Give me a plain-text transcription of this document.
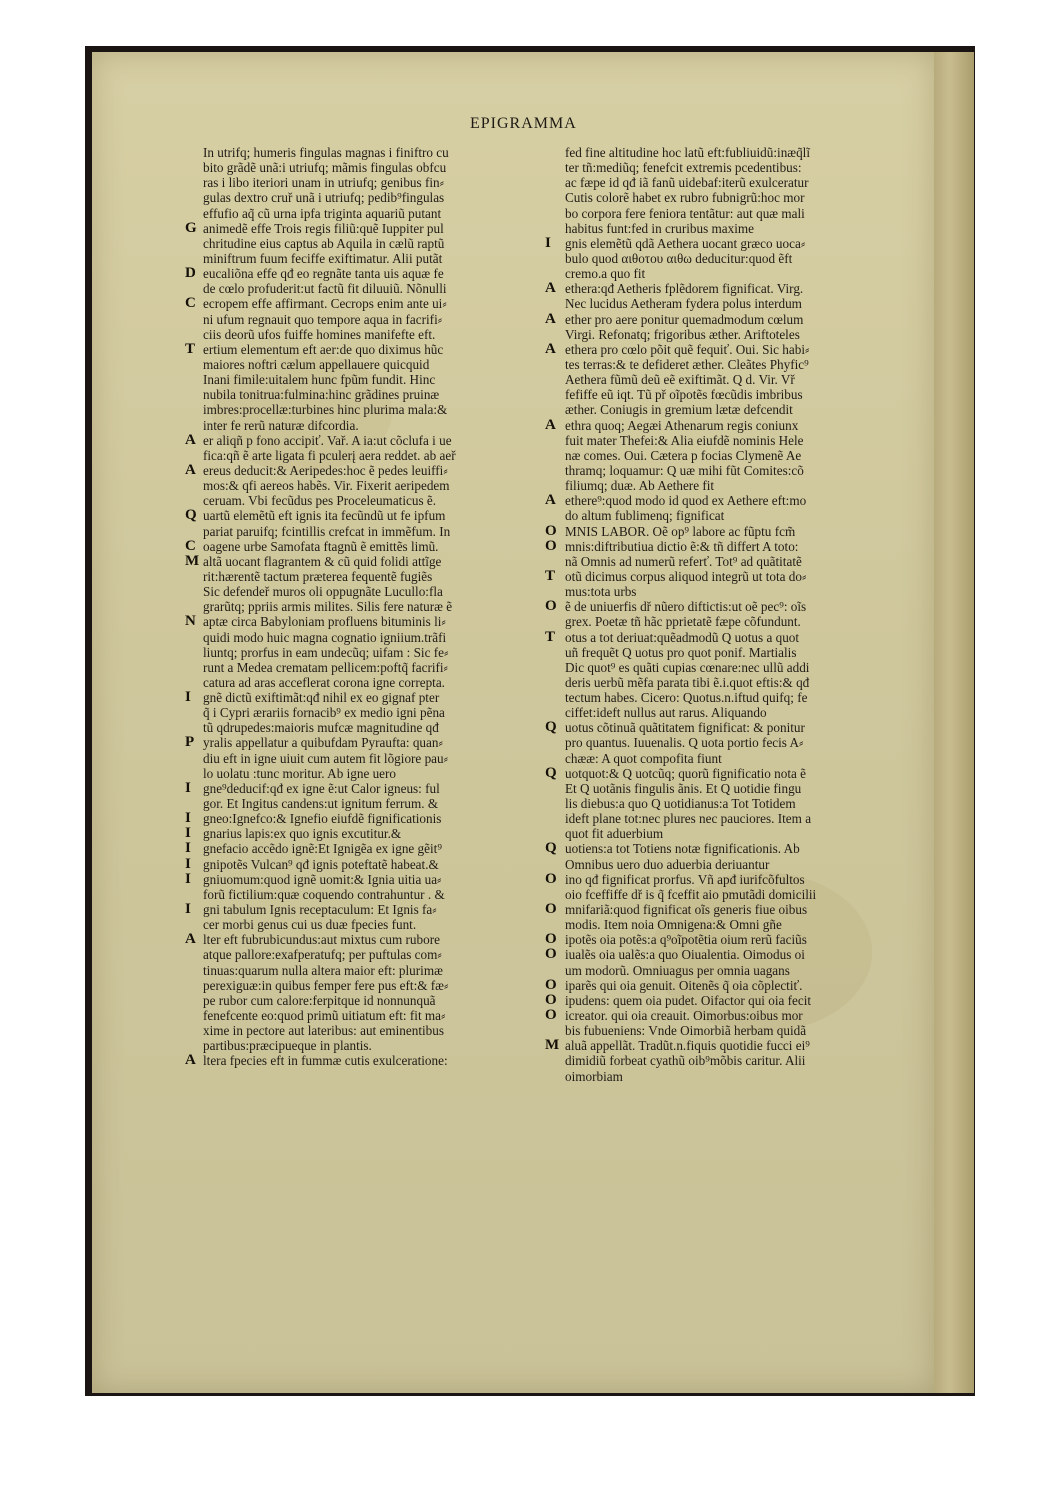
EPIGRAMMA
In utrifq; humeris fingulas magnas i finiftro cu
bito grãdẽ unã:i utriufq; mãmis fingulas obfcu
ras i libo iteriori unam in utriufq; genibus fin⸗
gulas dextro cruř unã i utriufq; pedib⁹fingulas
effufio aq̃ cũ urna ipfa triginta aquariũ putant
G animedẽ effe Trois regis filiũ:quẽ Iuppiter pul
chritudine eius captus ab Aquila in cælũ raptũ
miniftrum fuum feciffe exiftimatur. Alii putãt
D eucaliõna effe qđ eo regnãte tanta uis aquæ fe
de cœlo profuderit:ut factũ fit diluuiũ. Nõnulli
C ecropem effe affirmant. Cecrops enim ante ui⸗
ni ufum regnauit quo tempore aqua in facrifi⸗
ciis deorũ ufos fuiffe homines manifefte eft.
T ertium elementum eft aer:de quo diximus hũc
maiores noftri cælum appellauere quicquid
Inani fimile:uitalem hunc fpũm fundit. Hinc
nubila tonitrua:fulmina:hinc grãdines pruinæ
imbres:procellæ:turbines hinc plurima mala:&
inter fe rerũ naturæ difcordia.
A er aliqñ p fono accipiť. Vař. A ia:ut cõclufa i ue
fica:qñ ẽ arte ligata fi pculerį aera reddet. ab aeř
A ereus deducit:& Aeripedes:hoc ẽ pedes leuiffi⸗
mos:& qfi aereos habẽs. Vir. Fixerit aeripedem
ceruam. Vbi fecũdus pes Proceleumaticus ẽ.
Q uartũ elemẽtũ eft ignis ita fecũndũ ut fe ipfum
pariat paruifq; fcintillis crefcat in immẽfum. In
C oagene urbe Samofata ftagnũ ẽ emittẽs limũ.
M altã uocant flagrantem & cũ quid folidi attĩge
rit:hærentẽ tactum præterea fequentẽ fugiẽs
Sic defendeř muros oli oppugnãte Lucullo:fla
grarũtq; ppriis armis milites. Silis fere naturæ ẽ
N aptæ circa Babyloniam profluens bituminis li⸗
quidi modo huic magna cognatio igniium.trãfi
liuntq; prorfus in eam undecũq; uifam : Sic fe⸗
runt a Medea crematam pellicem:poftq̃ facrifi⸗
catura ad aras acceflerat corona igne correpta.
I gnẽ dictũ exiftimãt:qđ nihil ex eo gignaf pter
q̃ i Cypri ærariis fornacib⁹ ex medio igni pẽna
tũ qdrupedes:maioris mufcæ magnitudine qđ
P yralis appellatur a quibufdam Pyraufta: quan⸗
diu eft in igne uiuit cum autem fit lõgiore pau⸗
lo uolatu :tunc moritur. Ab igne uero
I gne⁹deducif:qđ ex igne ẽ:ut Calor igneus: ful
gor. Et Ingitus candens:ut ignitum ferrum. &
I gneo:Ignefco:& Ignefio eiufdẽ fignificationis
I gnarius lapis:ex quo ignis excutitur.&
I gnefacio accẽdo ignẽ:Et Ignigẽa ex igne gẽit⁹
I gnipotẽs Vulcan⁹ qđ ignis poteftatẽ habeat.&
I gniuomum:quod ignẽ uomit:& Ignia uitia ua⸗
forũ fictilium:quæ coquendo contrahuntur . &
I gni tabulum Ignis receptaculum: Et Ignis fa⸗
cer morbi genus cui us duæ fpecies funt.
A lter eft fubrubicundus:aut mixtus cum rubore
atque pallore:exafperatufq; per puftulas com⸗
tinuas:quarum nulla altera maior eft: plurimæ
perexiguæ:in quibus femper fere pus eft:& fæ⸗
pe rubor cum calore:ferpitque id nonnunquã
fenefcente eo:quod primũ uitiatum eft: fit ma⸗
xime in pectore aut lateribus: aut eminentibus
partibus:præcipueque in plantis.
A ltera fpecies eft in fummæ cutis exulceratione:
fed fine altitudine hoc latũ eft:fubliuidũ:inæq̃lĩ
ter tñ:mediũq; fenefcit extremis pcedentibus:
ac fæpe id qđ iã fanũ uidebaf:iterũ exulceratur
Cutis colorẽ habet ex rubro fubnigrũ:hoc mor
bo corpora fere feniora tentãtur: aut quæ mali
habitus funt:fed in cruribus maxime
I	gnis elemẽtũ qdã Aethera uocant græco uoca⸗
bulo quod αιθοτου αιθω deducitur:quod ẽft
cremo.a quo fit
A ethera:qđ Aetheris fplẽdorem fignificat. Virg.
Nec lucidus Aetheram fydera polus interdum
A ether pro aere ponitur quemadmodum cœlum
Virgi. Refonatq; frigoribus æther. Ariftoteles
A ethera pro cœlo põit quẽ fequiť. Oui. Sic habi⸗
tes terras:& te defideret æther. Cleãtes Phyfic⁹
Aethera fũmũ deũ eẽ exiftimãt. Q d. Vir. Vř
fefiffe eũ iqt. Tũ př oĩpotẽs fœcũdis imbribus
æther. Coniugis in gremium lætæ defcendit
A ethra quoq; Aegæi Athenarum regis coniunx
fuit mater Thefei:& Alia eiufdẽ nominis Hele
næ comes. Oui. Cætera p focias Clymenẽ Ae
thramq; loquamur: Q uæ mihi fũt Comites:cõ
filiumq; duæ. Ab Aethere fit
A ethere⁹:quod modo id quod ex Aethere eft:mo
do altum fublimenq; fignificat
O MNIS LABOR. Oẽ op⁹ labore ac fũptu fcm̃
O mnis:diftributiua dictio ẽ:& tñ differt A toto:
nã Omnis ad numerũ referť. Tot⁹ ad quãtitatẽ
T otũ dicimus corpus aliquod integrũ ut tota do⸗
mus:tota urbs
O ẽ de uniuerfis dř nũero diftictis:ut oẽ pec⁹: oĩs
grex. Poetæ tñ hãc pprietatẽ fæpe cõfundunt.
T otus a tot deriuat:quẽadmodũ Q uotus a quot
uñ frequẽt Q uotus pro quot ponif. Martialis
Dic quot⁹ es quãti cupias cœnare:nec ullũ addi
deris uerbũ mẽfa parata tibi ẽ.i.quot eftis:& qđ
tectum habes. Cicero: Quotus.n.iftud quifq; fe
ciffet:ideft nullus aut rarus. Aliquando
Q uotus cõtinuã quãtitatem fignificat: & ponitur
pro quantus. Iuuenalis. Q uota portio fecis A⸗
chææ: A quot compofita fiunt
Q uotquot:& Q uotcũq; quorũ fignificatio nota ẽ
Et Q uotãnis fingulis ãnis. Et Q uotidie fingu
lis diebus:a quo Q uotidianus:a Tot Totidem
ideft plane tot:nec plures nec pauciores. Item a
quot fit aduerbium
Q uotiens:a tot Totiens notæ fignificationis. Ab
Omnibus uero duo aduerbia deriuantur
O ino qđ fignificat prorfus. Vñ apđ iurifcõfultos
oio fceffiffe dř is q̃ fceffit aio pmutãdi domicilii
O mnifariã:quod fignificat oĩs generis fiue oibus
modis. Item noia Omnigena:& Omni gñe
O ipotẽs oia potẽs:a q⁹oĩpotẽtia oium rerũ faciũs
O iualẽs oia ualẽs:a quo Oiualentia. Oimodus oi
um modorũ. Omniuagus per omnia uagans
O iparẽs qui oia genuit. Oitenẽs q̃ oia cõplectiť.
O ipudens: quem oia pudet. Oifactor qui oia fecit
O icreator. qui oia creauit. Oimorbus:oibus mor
bis fubueniens: Vnde Oimorbiã herbam quidã
M aluã appellãt. Tradũt.n.fiquis quotidie fucci ei⁹
dimidiũ forbeat cyathũ oib⁹mõbis caritur. Alii
oimorbiam
